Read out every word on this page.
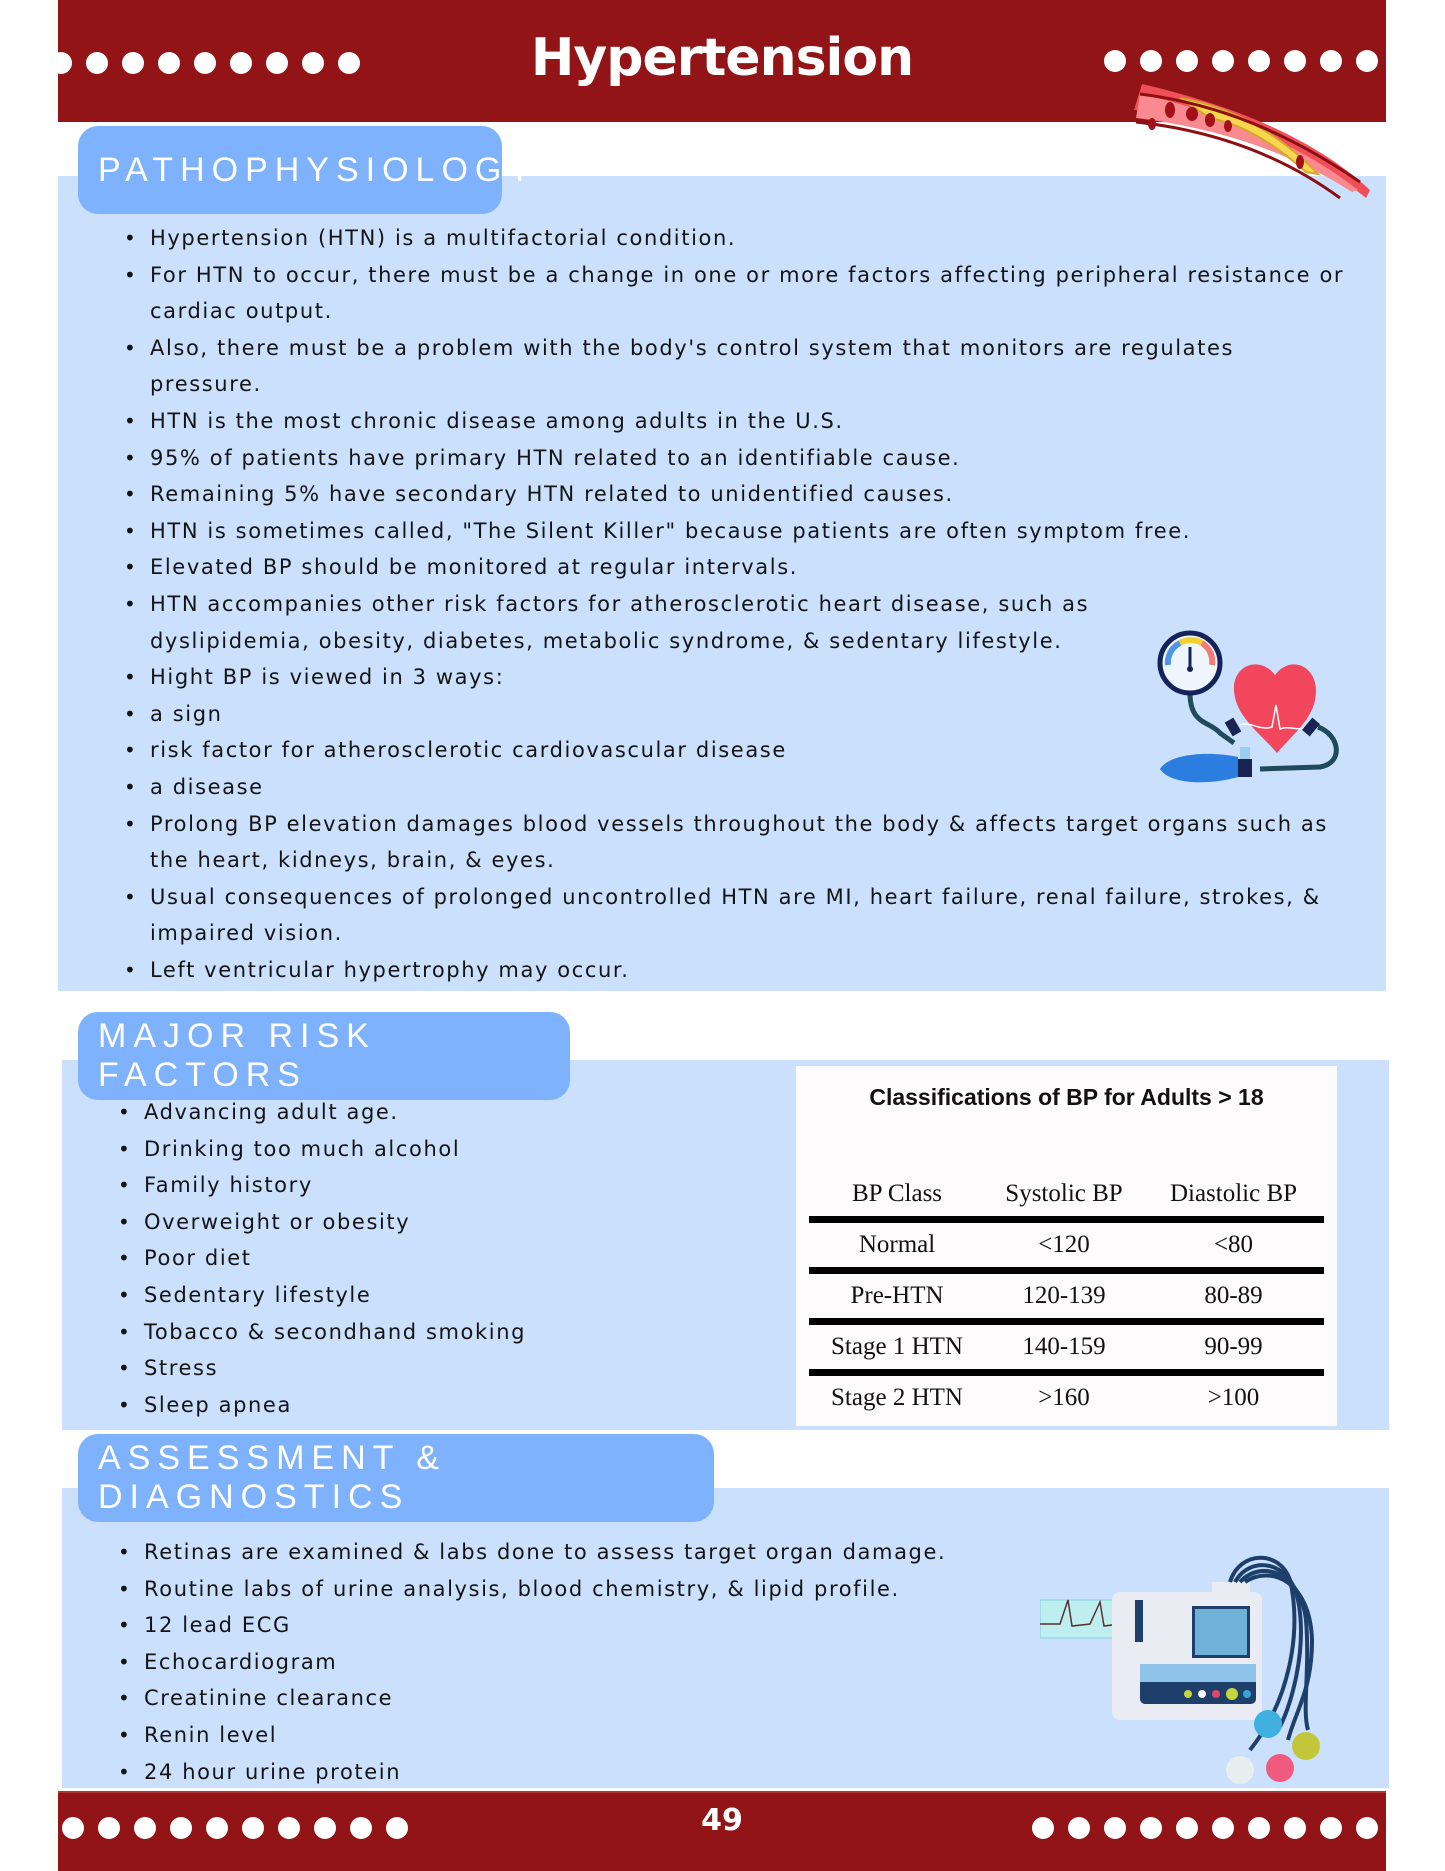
Hypertension
PATHOPHYSIOLOGY
• Hypertension (HTN) is a multifactorial condition.
• For HTN to occur, there must be a change in one or more factors affecting peripheral resistance or cardiac output.
• Also, there must be a problem with the body's control system that monitors are regulates pressure.
• HTN is the most chronic disease among adults in the U.S.
• 95% of patients have primary HTN related to an identifiable cause.
• Remaining 5% have secondary HTN related to unidentified causes.
• HTN is sometimes called, "The Silent Killer" because patients are often symptom free.
• Elevated BP should be monitored at regular intervals.
• HTN accompanies other risk factors for atherosclerotic heart disease, such as dyslipidemia, obesity, diabetes, metabolic syndrome, & sedentary lifestyle.
• Hight BP is viewed in 3 ways:
• a sign
• risk factor for atherosclerotic cardiovascular disease
• a disease
• Prolong BP elevation damages blood vessels throughout the body & affects target organs such as the heart, kidneys, brain, & eyes.
• Usual consequences of prolonged uncontrolled HTN are MI, heart failure, renal failure, strokes, & impaired vision.
• Left ventricular hypertrophy may occur.
MAJOR RISK FACTORS
• Advancing adult age.
• Drinking too much alcohol
• Family history
• Overweight or obesity
• Poor diet
• Sedentary lifestyle
• Tobacco & secondhand smoking
• Stress
• Sleep apnea
Classifications of BP for Adults > 18
BP Class	Systolic BP	Diastolic BP
Normal	<120	<80
Pre-HTN	120-139	80-89
Stage 1 HTN	140-159	90-99
Stage 2 HTN	>160	>100
ASSESSMENT & DIAGNOSTICS
• Retinas are examined & labs done to assess target organ damage.
• Routine labs of urine analysis, blood chemistry, & lipid profile.
• 12 lead ECG
• Echocardiogram
• Creatinine clearance
• Renin level
• 24 hour urine protein
49
